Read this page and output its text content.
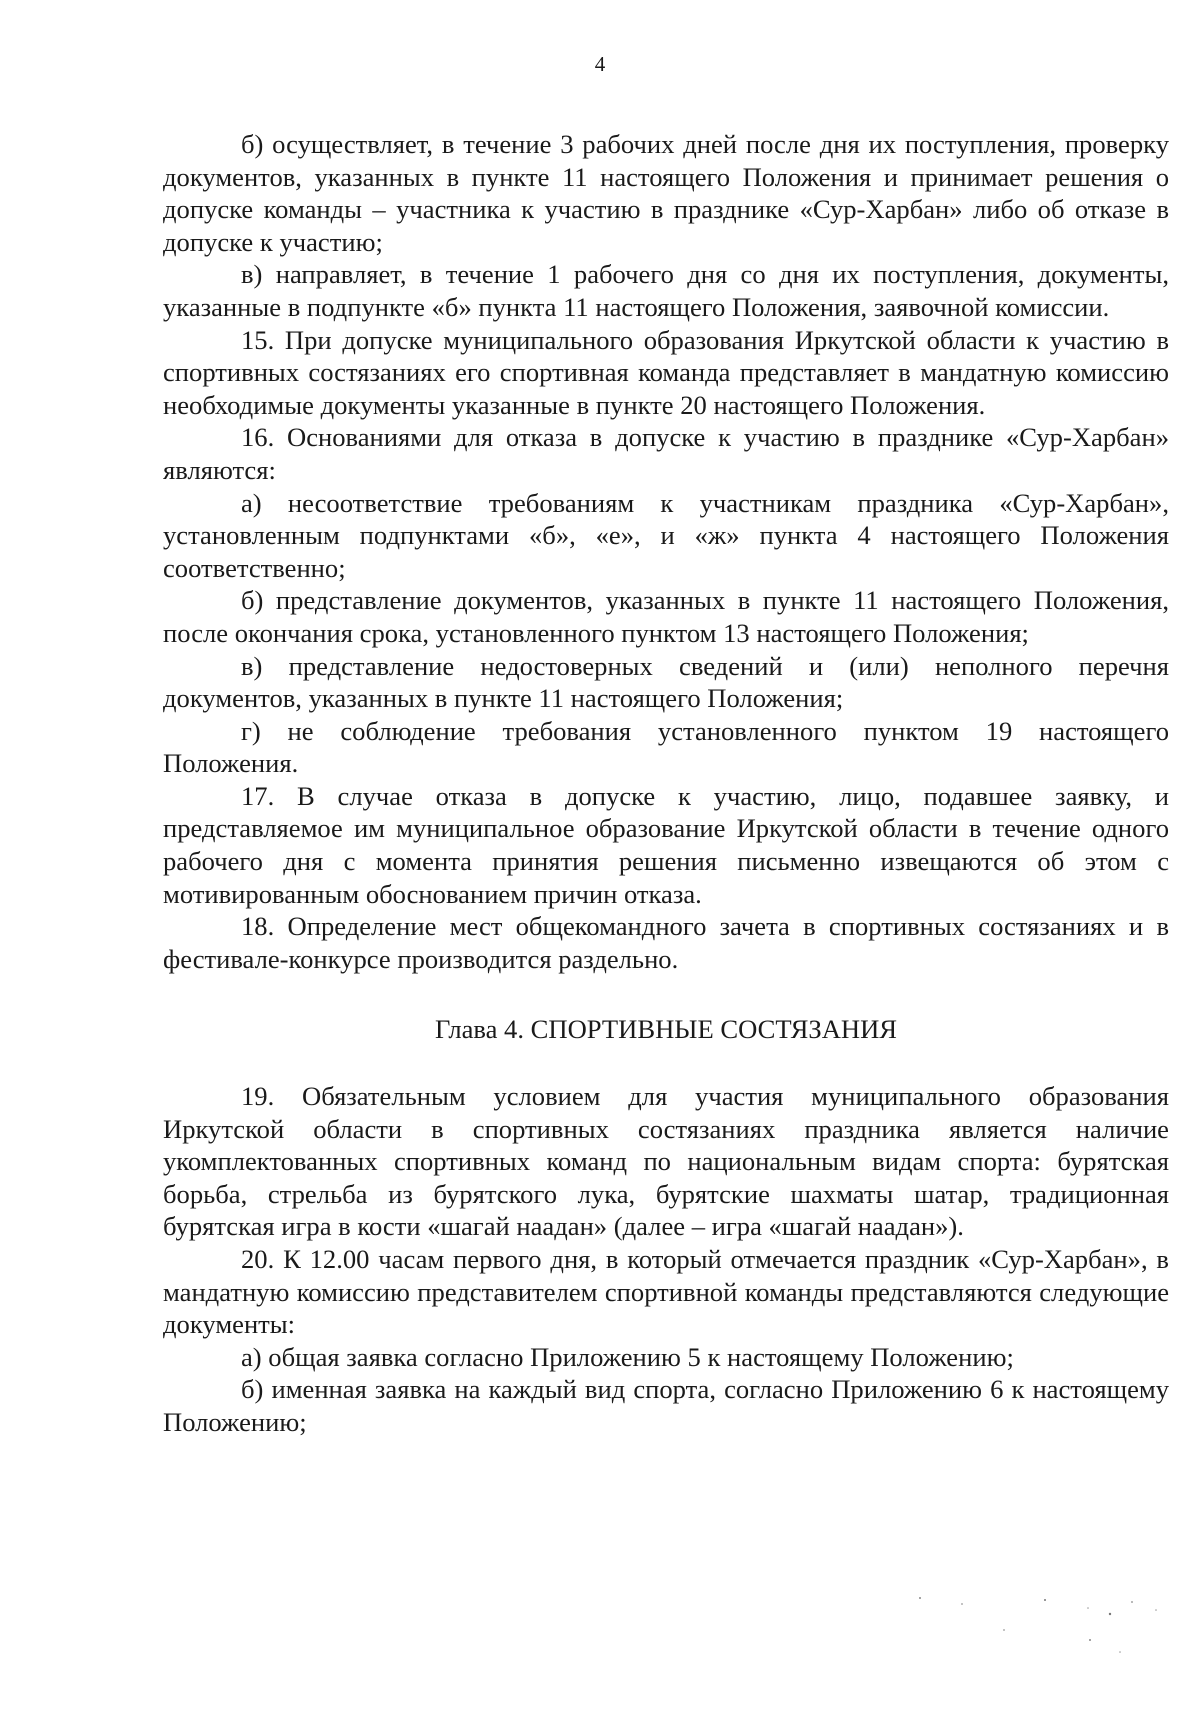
4

б) осуществляет, в течение 3 рабочих дней после дня их поступления, проверку документов, указанных в пункте 11 настоящего Положения и принимает решения о допуске команды – участника к участию в празднике «Сур-Харбан» либо об отказе в допуске к участию;

в) направляет, в течение 1 рабочего дня со дня их поступления, документы, указанные в подпункте «б» пункта 11 настоящего Положения, заявочной комиссии.

15. При допуске муниципального образования Иркутской области к участию в спортивных состязаниях его спортивная команда представляет в мандатную комиссию необходимые документы указанные в пункте 20 настоящего Положения.

16. Основаниями для отказа в допуске к участию в празднике «Сур-Харбан» являются:

а) несоответствие требованиям к участникам праздника «Сур-Харбан», установленным подпунктами «б», «е», и «ж» пункта 4 настоящего Положения соответственно;

б) представление документов, указанных в пункте 11 настоящего Положения, после окончания срока, установленного пунктом 13 настоящего Положения;

в) представление недостоверных сведений и (или) неполного перечня документов, указанных в пункте 11 настоящего Положения;

г) не соблюдение требования установленного пунктом 19 настоящего Положения.

17. В случае отказа в допуске к участию, лицо, подавшее заявку, и представляемое им муниципальное образование Иркутской области в течение одного рабочего дня с момента принятия решения письменно извещаются об этом с мотивированным обоснованием причин отказа.

18. Определение мест общекомандного зачета в спортивных состязаниях и в фестивале-конкурсе производится раздельно.

Глава 4. СПОРТИВНЫЕ СОСТЯЗАНИЯ

19. Обязательным условием для участия муниципального образования Иркутской области в спортивных состязаниях праздника является наличие укомплектованных спортивных команд по национальным видам спорта: бурятская борьба, стрельба из бурятского лука, бурятские шахматы шатар, традиционная бурятская игра в кости «шагай наадан» (далее – игра «шагай наадан»).

20. К 12.00 часам первого дня, в который отмечается праздник «Сур-Харбан», в мандатную комиссию представителем спортивной команды представляются следующие документы:

а) общая заявка согласно Приложению 5 к настоящему Положению;

б) именная заявка на каждый вид спорта, согласно Приложению 6 к настоящему Положению;
